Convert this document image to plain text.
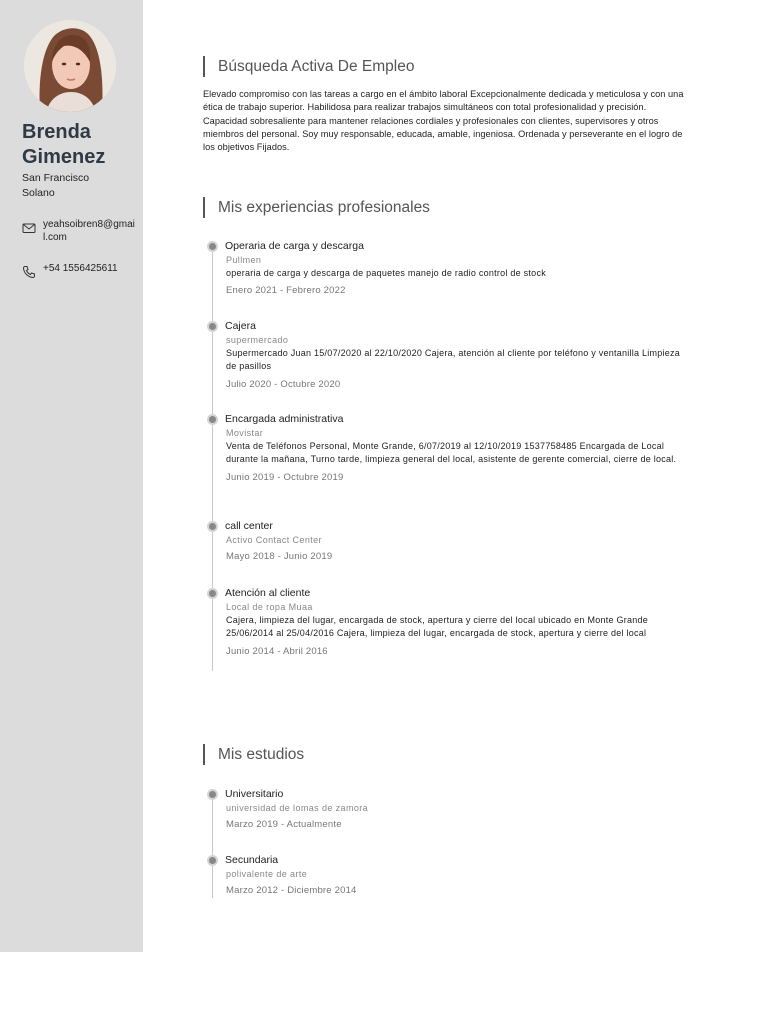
Brenda
Gimenez
San Francisco
Solano
yeahsoibren8@gmail.com
+54 1556425611
Búsqueda Activa De Empleo
Elevado compromiso con las tareas a cargo en el ámbito laboral Excepcionalmente dedicada y meticulosa y con una ética de trabajo superior. Habilidosa para realizar trabajos simultáneos con total profesionalidad y precisión. Capacidad sobresaliente para mantener relaciones cordiales y profesionales con clientes, supervisores y otros miembros del personal. Soy muy responsable, educada, amable, ingeniosa. Ordenada y perseverante en el logro de los objetivos Fijados.
Mis experiencias profesionales
Operaria de carga y descarga
Pullmen
operaria de carga y descarga de paquetes manejo de radio control de stock
Enero 2021 - Febrero 2022
Cajera
supermercado
Supermercado Juan 15/07/2020 al 22/10/2020 Cajera, atención al cliente por teléfono y ventanilla Limpieza de pasillos
Julio 2020 - Octubre 2020
Encargada administrativa
Movistar
Venta de Teléfonos Personal, Monte Grande, 6/07/2019 al 12/10/2019 1537758485 Encargada de Local durante la mañana, Turno tarde, limpieza general del local, asistente de gerente comercial, cierre de local.
Junio 2019 - Octubre 2019
call center
Activo Contact Center
Mayo 2018 - Junio 2019
Atención al cliente
Local de ropa Muaa
Cajera, limpieza del lugar, encargada de stock, apertura y cierre del local ubicado en Monte Grande 25/06/2014 al 25/04/2016 Cajera, limpieza del lugar, encargada de stock, apertura y cierre del local
Junio 2014 - Abril 2016
Mis estudios
Universitario
universidad de lomas de zamora
Marzo 2019 - Actualmente
Secundaria
polivalente de arte
Marzo 2012 - Diciembre 2014
